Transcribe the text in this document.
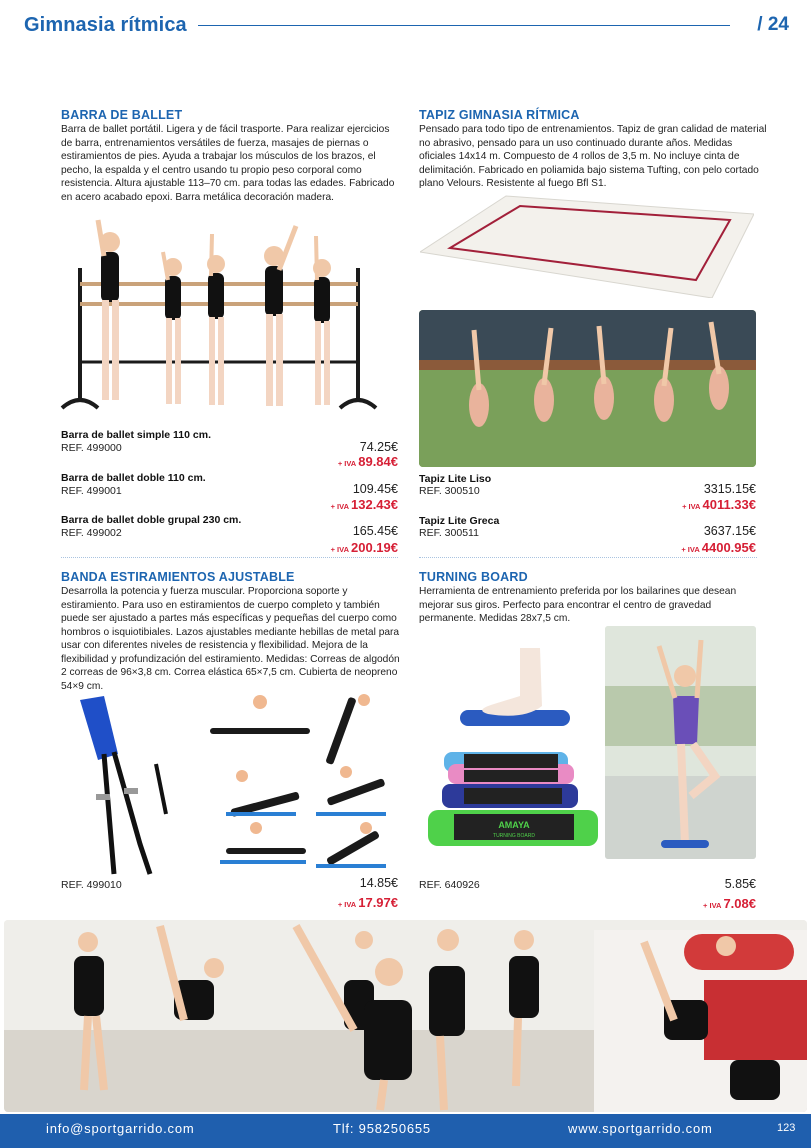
Gimnasia rítmica	/ 24
BARRA DE BALLET
Barra de ballet portátil. Ligera y de fácil trasporte. Para realizar ejercicios de barra, entrenamientos versátiles de fuerza, masajes de piernas o estiramientos de pies. Ayuda a trabajar los músculos de los brazos, el pecho, la espalda y el centro usando tu propio peso corporal como resistencia. Altura ajustable 113–70 cm. para todas las edades. Fabricado en acero acabado epoxi. Barra metálica decoración madera.
Barra de ballet simple 110 cm.
REF. 499000	74.25€
+ IVA 89.84€
Barra de ballet doble 110 cm.
REF. 499001	109.45€
+ IVA 132.43€
Barra de ballet doble grupal 230 cm.
REF. 499002	165.45€
+ IVA 200.19€
TAPIZ GIMNASIA RÍTMICA
Pensado para todo tipo de entrenamientos. Tapiz de gran calidad de material no abrasivo, pensado para un uso continuado durante años. Medidas oficiales 14x14 m. Compuesto de 4 rollos de 3,5 m. No incluye cinta de delimitación. Fabricado en poliamida bajo sistema Tufting, con pelo cortado plano Velours. Resistente al fuego Bfl S1.
Tapiz Lite Liso
REF. 300510	3315.15€
+ IVA 4011.33€
Tapiz Lite Greca
REF. 300511	3637.15€
+ IVA 4400.95€
BANDA ESTIRAMIENTOS AJUSTABLE
Desarrolla la potencia y fuerza muscular. Proporciona soporte y estiramiento. Para uso en estiramientos de cuerpo completo y también puede ser ajustado a partes más específicas y pequeñas del cuerpo como hombros o isquiotibiales. Lazos ajustables mediante hebillas de metal para usar con diferentes niveles de resistencia y flexibilidad. Mejora de la flexibilidad y profundización del estiramiento. Medidas: Correas de algodón 2 correas de 96×3,8 cm. Correa elástica 65×7,5 cm. Cubierta de neopreno 54×9 cm.
REF. 499010	14.85€
+ IVA 17.97€
TURNING BOARD
Herramienta de entrenamiento preferida por los bailarines que desean mejorar sus giros. Perfecto para encontrar el centro de gravedad permanente. Medidas 28x7,5 cm.
AMAYA
TURNING BOARD
REF. 640926	5.85€
+ IVA 7.08€
info@sportgarrido.com	Tlf: 958250655	www.sportgarrido.com	123
